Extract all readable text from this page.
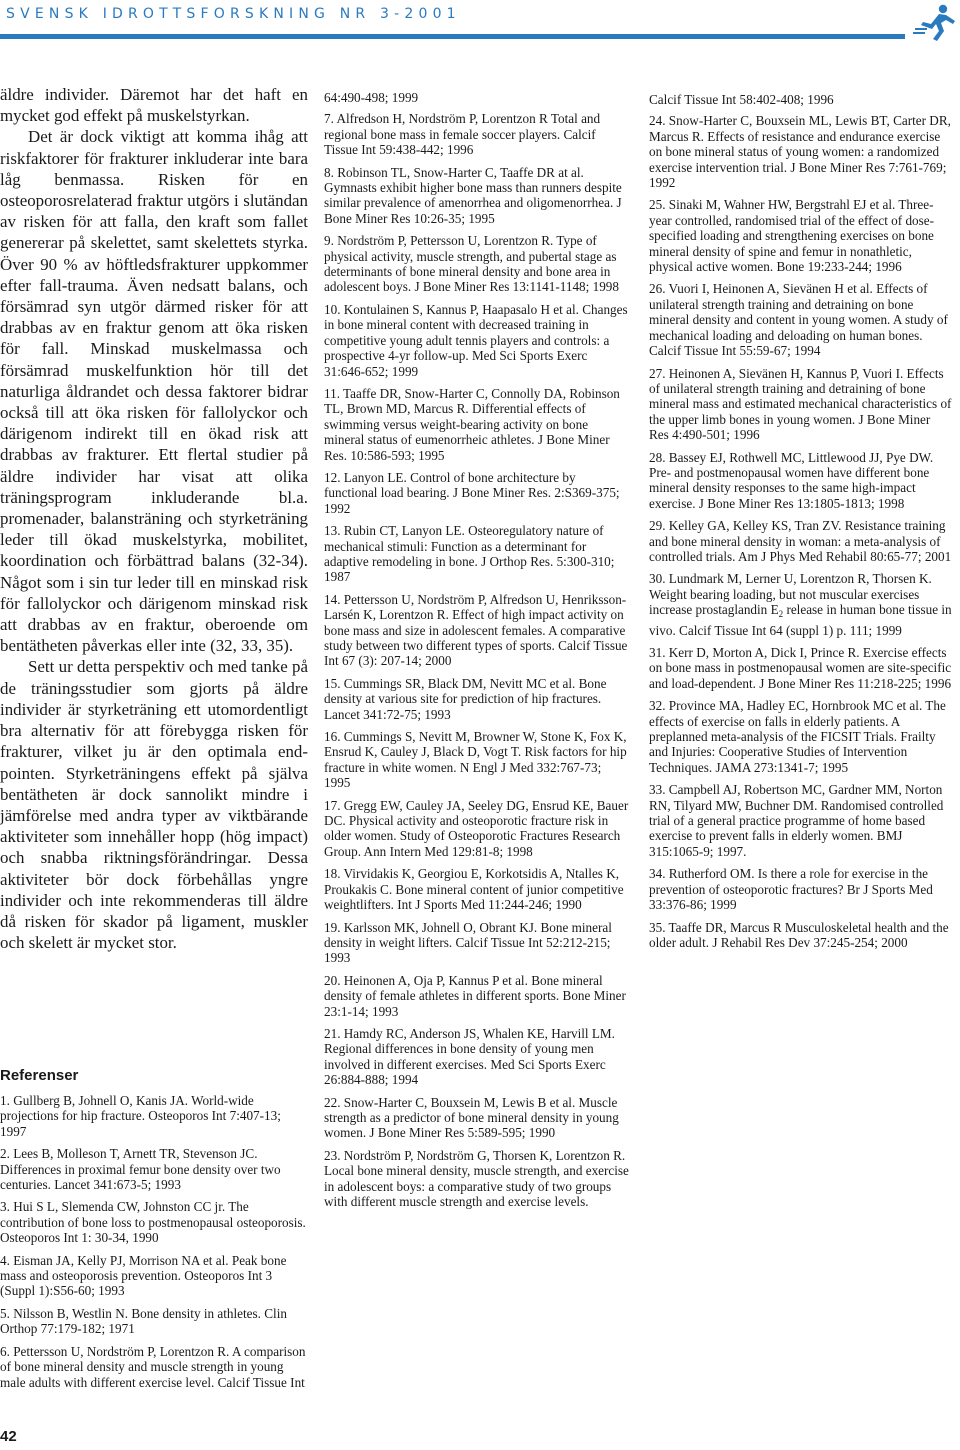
SVENSK IDROTTSFORSKNING NR 3-2001

äldre individer. Däremot har det haft en mycket god effekt på muskelstyrkan.

Det är dock viktigt att komma ihåg att riskfaktorer för frakturer inkluderar inte bara låg benmassa. Risken för en osteoporosrelaterad fraktur utgörs i slutändan av risken för att falla, den kraft som fallet genererar på skelettet, samt skelettets styrka. Över 90 % av höftledsfrakturer uppkommer efter fall-trauma. Även nedsatt balans, och försämrad syn utgör därmed risker för att drabbas av en fraktur genom att öka risken för fall. Minskad muskelmassa och försämrad muskelfunktion hör till det naturliga åldrandet och dessa faktorer bidrar också till att öka risken för fallolyckor och därigenom indirekt till en ökad risk att drabbas av frakturer. Ett flertal studier på äldre individer har visat att olika träningsprogram inkluderande bl.a. promenader, balansträning och styrketräning leder till ökad muskelstyrka, mobilitet, koordination och förbättrad balans (32-34). Något som i sin tur leder till en minskad risk för fallolyckor och därigenom minskad risk att drabbas av en fraktur, oberoende om bentätheten påverkas eller inte (32, 33, 35).

Sett ur detta perspektiv och med tanke på de träningsstudier som gjorts på äldre individer är styrketräning ett utomordentligt bra alternativ för att förebygga risken för frakturer, vilket ju är den optimala end-pointen. Styrketräningens effekt på själva bentätheten är dock sannolikt mindre i jämförelse med andra typer av viktbärande aktiviteter som innehåller hopp (hög impact) och snabba riktningsförändringar. Dessa aktiviteter bör dock förbehållas yngre individer och inte rekommenderas till äldre då risken för skador på ligament, muskler och skelett är mycket stor.

Referenser

1. Gullberg B, Johnell O, Kanis JA. World-wide projections for hip fracture. Osteoporos Int 7:407-13; 1997

2. Lees B, Molleson T, Arnett TR, Stevenson JC. Differences in proximal femur bone density over two centuries. Lancet 341:673-5; 1993

3. Hui S L, Slemenda CW, Johnston CC jr. The contribution of bone loss to postmenopausal osteoporosis. Osteoporos Int 1: 30-34, 1990

4. Eisman JA, Kelly PJ, Morrison NA et al. Peak bone mass and osteoporosis prevention. Osteoporos Int 3 (Suppl 1):S56-60; 1993

5. Nilsson B, Westlin N. Bone density in athletes. Clin Orthop 77:179-182; 1971

6. Pettersson U, Nordström P, Lorentzon R. A comparison of bone mineral density and muscle strength in young male adults with different exercise level. Calcif Tissue Int

64:490-498; 1999

7. Alfredson H, Nordström P, Lorentzon R Total and regional bone mass in female soccer players. Calcif Tissue Int 59:438-442; 1996

8. Robinson TL, Snow-Harter C, Taaffe DR at al. Gymnasts exhibit higher bone mass than runners despite similar prevalence of amenorrhea and oligomenorrhea. J Bone Miner Res 10:26-35; 1995

9. Nordström P, Pettersson U, Lorentzon R. Type of physical activity, muscle strength, and pubertal stage as determinants of bone mineral density and bone area in adolescent boys. J Bone Miner Res 13:1141-1148; 1998

10. Kontulainen S, Kannus P, Haapasalo H et al. Changes in bone mineral content with decreased training in competitive young adult tennis players and controls: a prospective 4-yr follow-up. Med Sci Sports Exerc 31:646-652; 1999

11. Taaffe DR, Snow-Harter C, Connolly DA, Robinson TL, Brown MD, Marcus R. Differential effects of swimming versus weight-bearing activity on bone mineral status of eumenorrheic athletes. J Bone Miner Res. 10:586-593; 1995

12. Lanyon LE. Control of bone architecture by functional load bearing. J Bone Miner Res. 2:S369-375; 1992

13. Rubin CT, Lanyon LE. Osteoregulatory nature of mechanical stimuli: Function as a determinant for adaptive remodeling in bone. J Orthop Res. 5:300-310; 1987

14. Pettersson U, Nordström P, Alfredson U, Henriksson-Larsén K, Lorentzon R. Effect of high impact activity on bone mass and size in adolescent females. A comparative study between two different types of sports. Calcif Tissue Int 67 (3): 207-14; 2000

15. Cummings SR, Black DM, Nevitt MC et al. Bone density at various site for prediction of hip fractures. Lancet 341:72-75; 1993

16. Cummings S, Nevitt M, Browner W, Stone K, Fox K, Ensrud K, Cauley J, Black D, Vogt T. Risk factors for hip fracture in white women. N Engl J Med 332:767-73; 1995

17. Gregg EW, Cauley JA, Seeley DG, Ensrud KE, Bauer DC. Physical activity and osteoporotic fracture risk in older women. Study of Osteoporotic Fractures Research Group. Ann Intern Med 129:81-8; 1998

18. Virvidakis K, Georgiou E, Korkotsidis A, Ntalles K, Proukakis C. Bone mineral content of junior competitive weightlifters. Int J Sports Med 11:244-246; 1990

19. Karlsson MK, Johnell O, Obrant KJ. Bone mineral density in weight lifters. Calcif Tissue Int 52:212-215; 1993

20. Heinonen A, Oja P, Kannus P et al. Bone mineral density of female athletes in different sports. Bone Miner 23:1-14; 1993

21. Hamdy RC, Anderson JS, Whalen KE, Harvill LM. Regional differences in bone density of young men involved in different exercises. Med Sci Sports Exerc 26:884-888; 1994

22. Snow-Harter C, Bouxsein M, Lewis B et al. Muscle strength as a predictor of bone mineral density in young women. J Bone Miner Res 5:589-595; 1990

23. Nordström P, Nordström G, Thorsen K, Lorentzon R. Local bone mineral density, muscle strength, and exercise in adolescent boys: a comparative study of two groups with different muscle strength and exercise levels.

Calcif Tissue Int 58:402-408; 1996

24. Snow-Harter C, Bouxsein ML, Lewis BT, Carter DR, Marcus R. Effects of resistance and endurance exercise on bone mineral status of young women: a randomized exercise intervention trial. J Bone Miner Res 7:761-769; 1992

25. Sinaki M, Wahner HW, Bergstrahl EJ et al. Three-year controlled, randomised trial of the effect of dose-specified loading and strengthening exercises on bone mineral density of spine and femur in nonathletic, physical active women. Bone 19:233-244; 1996

26. Vuori I, Heinonen A, Sievänen H et al. Effects of unilateral strength training and detraining on bone mineral density and content in young women. A study of mechanical loading and deloading on human bones. Calcif Tissue Int 55:59-67; 1994

27. Heinonen A, Sievänen H, Kannus P, Vuori I. Effects of unilateral strength training and detraining of bone mineral mass and estimated mechanical characteristics of the upper limb bones in young women. J Bone Miner Res 4:490-501; 1996

28. Bassey EJ, Rothwell MC, Littlewood JJ, Pye DW. Pre- and postmenopausal women have different bone mineral density responses to the same high-impact exercise. J Bone Miner Res 13:1805-1813; 1998

29. Kelley GA, Kelley KS, Tran ZV. Resistance training and bone mineral density in woman: a meta-analysis of controlled trials. Am J Phys Med Rehabil 80:65-77; 2001

30. Lundmark M, Lerner U, Lorentzon R, Thorsen K. Weight bearing loading, but not muscular exercises increase prostaglandin $E_2$ release in human bone tissue in vivo. Calcif Tissue Int 64 (suppl 1) p. 111; 1999

31. Kerr D, Morton A, Dick I, Prince R. Exercise effects on bone mass in postmenopausal women are site-specific and load-dependent. J Bone Miner Res 11:218-225; 1996

32. Province MA, Hadley EC, Hornbrook MC et al. The effects of exercise on falls in elderly patients. A preplanned meta-analysis of the FICSIT Trials. Frailty and Injuries: Cooperative Studies of Intervention Techniques. JAMA 273:1341-7; 1995

33. Campbell AJ, Robertson MC, Gardner MM, Norton RN, Tilyard MW, Buchner DM. Randomised controlled trial of a general practice programme of home based exercise to prevent falls in elderly women. BMJ 315:1065-9; 1997.

34. Rutherford OM. Is there a role for exercise in the prevention of osteoporotic fractures? Br J Sports Med 33:376-86; 1999

35. Taaffe DR, Marcus R Musculoskeletal health and the older adult. J Rehabil Res Dev 37:245-254; 2000

42
